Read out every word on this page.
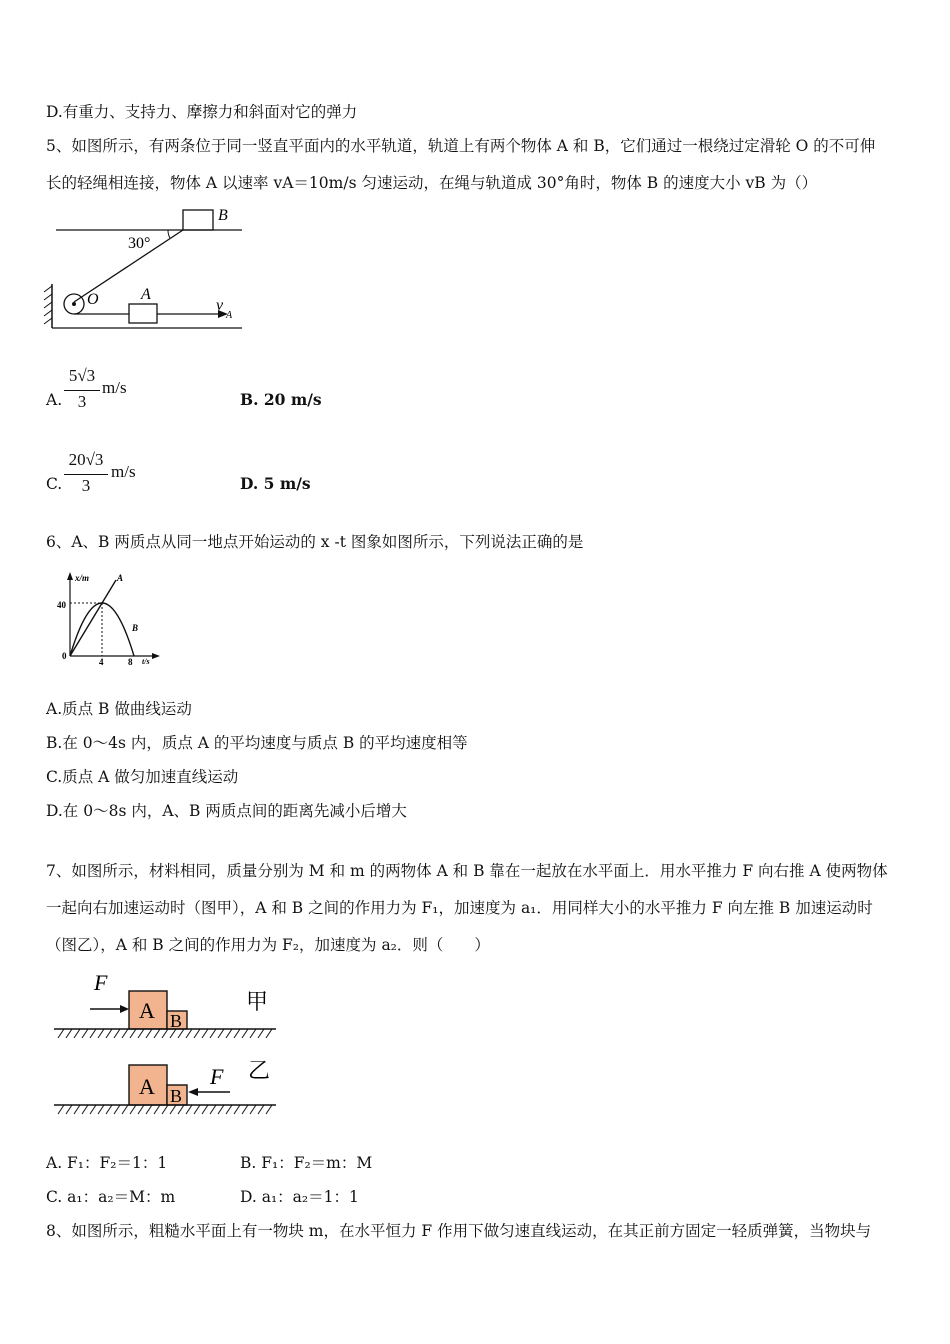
D.有重力、支持力、摩擦力和斜面对它的弹力
5、如图所示，有两条位于同一竖直平面内的水平轨道，轨道上有两个物体 A 和 B，它们通过一根绕过定滑轮 O 的不可伸
长的轻绳相连接，物体 A 以速率 vA＝10m/s 匀速运动，在绳与轨道成 30°角时，物体 B 的速度大小 vB 为（）
B
30°
O	A
v
A
A.
5√3
3
m/s
B. 20 m/s
C.
20√3
3
m/s
D. 5 m/s
6、A、B 两质点从同一地点开始运动的 x -t 图象如图所示，下列说法正确的是
x/m
t/s
40
0
4	8
A
B
A.质点 B 做曲线运动
B.在 0～4s 内，质点 A 的平均速度与质点 B 的平均速度相等
C.质点 A 做匀加速直线运动
D.在 0～8s 内，A、B 两质点间的距离先减小后增大
7、如图所示，材料相同，质量分别为 M 和 m 的两物体 A 和 B 靠在一起放在水平面上．用水平推力 F 向右推 A 使两物体
一起向右加速运动时（图甲），A 和 B 之间的作用力为 F₁，加速度为 a₁．用同样大小的水平推力 F 向左推 B 加速运动时
（图乙），A 和 B 之间的作用力为 F₂，加速度为 a₂．则（　　）
F
A B
甲
A B
F 乙
A. F₁：F₂＝1：1	B. F₁：F₂＝m：M
C. a₁：a₂＝M：m	D. a₁：a₂＝1：1
8、如图所示，粗糙水平面上有一物块 m，在水平恒力 F 作用下做匀速直线运动，在其正前方固定一轻质弹簧，当物块与
